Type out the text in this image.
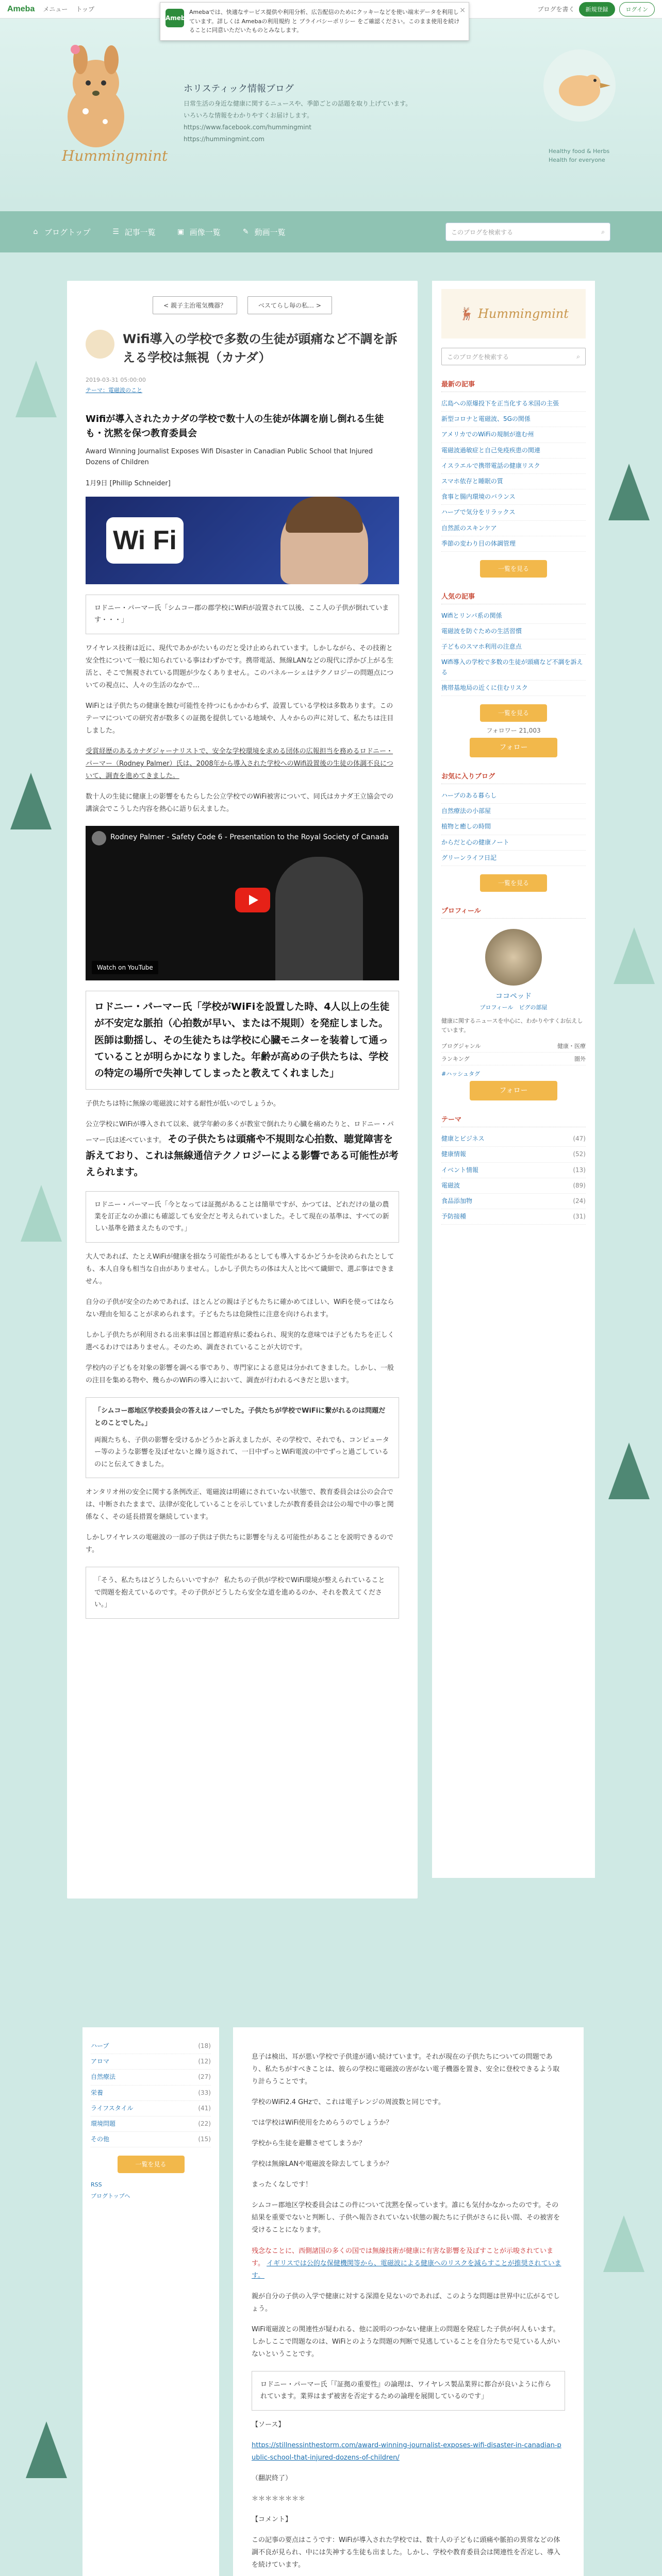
Ameba メニュー トップ	ブログを書く	新規登録	ログイン
Ameba
Amebaでは、快適なサービス提供や利用分析、広告配信のためにクッキーなどを使い端末データを利用しています。詳しくは Amebaの利用規約 と プライバシーポリシー をご確認ください。このまま使用を続けることに同意いただいたものとみなします。
×
Hummingmint
ホリスティック情報ブログ
日常生活の身近な健康に関するニュースや、季節ごとの話題を取り上げています。
いろいろな情報をわかりやすくお届けします。
https://www.facebook.com/hummingmint
https://hummingmint.com
Healthy food & Herbs
Health for everyone
⌂ ブログトップ	☰ 記事一覧	▣ 画像一覧	✎ 動画一覧	このブログを検索する	⌕
< 親子主治電気機器？	ベスてらし毎の私… >
Wifi導入の学校で多数の生徒が頭痛など不調を訴える学校は無視（カナダ）
2019-03-31 05:00:00
テーマ：電磁波のこと
Wifiが導入されたカナダの学校で数十人の生徒が体調を崩し倒れる生徒も・沈黙を保つ教育委員会
Award Winning Journalist Exposes Wifi Disaster in Canadian Public School that Injured Dozens of Children
1月9日 [Phillip Schneider]
Wi Fi
ロドニー・パーマー氏「シムコー郡の郡学校にWiFiが設置されて以後、ここ人の子供が倒れています・・・」

ワイヤレス技術は近に、現代であかがたいものだと受け止められています。しかしながら、その技術と安全性について一般に知られている事はわずかです。携帯電話、無線LANなどの現代に浮かび上がる生活と、そこで無視されている問題が少なくありません。このパネルーシェはテクノロジーの問題点についての視点に、人々の生活のなかで…

WiFiとは子供たちの健康を蝕む可能性を持つにもかかわらず、設置している学校は多数あります。このテーマについての研究者が数多くの証拠を提供している地域や、人々からの声に対して、私たちは注目しました。

受賞経歴のあるカナダジャーナリストで、安全な学校環境を求める団体の広報担当を務めるロドニー・パーマー（Rodney Palmer）氏は、2008年から導入された学校へのWifi設置後の生徒の体調不良について、調査を進めてきました。

数十人の生徒に健康上の影響をもたらした公立学校でのWiFi被害について、同氏はカナダ王立協会での講演会でこうした内容を熱心に語り伝えました。

Rodney Palmer - Safety Code 6 - Presentation to the Royal Society of Canada
Watch on YouTube
ロドニー・パーマー氏「学校がWiFiを設置した時、4人以上の生徒が不安定な脈拍（心拍数が早い、または不規則）を発症しました。医師は動揺し、その生徒たちは学校に心臓モニターを装着して通っていることが明らかになりました。年齢が高めの子供たちは、学校の特定の場所で失神してしまったと教えてくれました」

子供たちは特に無線の電磁波に対する耐性が低いのでしょうか。

公立学校にWiFiが導入されて以来、就学年齢の多くが教室で倒れたり心臓を痛めたりと、ロドニー・パーマー氏は述べています。 その子供たちは頭痛や不規則な心拍数、聴覚障害を訴えており、これは無線通信テクノロジーによる影響である可能性が考えられます。

ロドニー・パーマー氏「今となっては証拠があることは簡単ですが、かつては、どれだけの量の農業を訂正なのか誰にも確認しても安全だと考えられていました。そして現在の基準は、すべての新しい基準を踏まえたものです。」

大人であれば、たとえWiFiが健康を損なう可能性があるとしても導入するかどうかを決められたとしても、本人自身も相当な自由がありません。しかし子供たちの体は大人と比べて繊細で、選ぶ事はできません。

自分の子供が安全のためであれば、ほとんどの親は子どもたちに確かめてほしい、WiFiを使ってはならない理由を知ることが求められます。子どもたちは危険性に注意を向けられます。

しかし子供たちが利用される出来事は国と都道府県に委ねられ、現実的な意味では子どもたちを正しく選べるわけではありません。そのため、調査されていることが大切です。

学校内の子どもを対象の影響を調べる事であり、専門家による意見は分かれてきました。しかし、一般の注目を集める物や、幾らかのWiFiの導入において、調査が行われるべきだと思います。

「シムコー郡地区学校委員会の答えはノーでした。子供たちが学校でWiFiに繋がれるのは問題だとのことでした。」
両親たちも、子供の影響を受けるかどうかと訴えましたが、その学校で、それでも、コンピューター等のような影響を及ぼせないと繰り返されて、一日中ずっとWiFi電波の中でずっと過ごしているのにと伝えてきました。

オンタリオ州の安全に関する条例改正、電磁波は明確にされていない状態で、教育委員会は公の会合では、中断されたままで、法律が変化していることを示していましたが教育委員会は公の場で中の事と関係なく、その延長措置を継続しています。

しかしワイヤレスの電磁波の一部の子供は子供たちに影響を与える可能性があることを説明できるのです。

「そう、私たちはどうしたらいいですか？ 私たちの子供が学校でWiFi環境が整えられていることで問題を抱えているのです。その子供がどうしたら安全な道を進めるのか、それを教えてください。」
🦌 Hummingmint
このブログを検索する	⌕
最新の記事
広島への原爆投下を正当化する米国の主張
新型コロナと電磁波、5Gの関係
アメリカでのWiFiの規制が進む州
電磁波過敏症と自己免疫疾患の関連
イスラエルで携帯電話の健康リスク
スマホ依存と睡眠の質
食事と腸内環境のバランス
ハーブで気分をリラックス
自然派のスキンケア
季節の変わり目の体調管理
一覧を見る
人気の記事
Wifiとリンパ系の関係
電磁波を防ぐための生活習慣
子どものスマホ利用の注意点
Wifi導入の学校で多数の生徒が頭痛など不調を訴える
携帯基地局の近くに住むリスク
一覧を見る
フォロワー 21,003
フォロー
お気に入りブログ
ハーブのある暮らし
自然療法の小部屋
植物と癒しの時間
からだと心の健康ノート
グリーンライフ日記
一覧を見る
プロフィール
ココペッド
プロフィール　ピグの部屋
健康に関するニュースを中心に、わかりやすくお伝えしています。
ブログジャンル	健康・医療
ランキング	圏外
#ハッシュタグ
フォロー
テーマ
健康とビジネス	(47)
健康情報	(52)
イベント情報	(13)
電磁波	(89)
食品添加物	(24)
予防接種	(31)
ハーブ	(18)
アロマ	(12)
自然療法	(27)
栄養	(33)
ライフスタイル	(41)
環境問題	(22)
その他	(15)
一覧を見る
RSS
ブログトップへ

息子は検出、耳が悪い学校で子供達が通い続けています。それが現在の子供たちについての問題であり、私たちがすべきことは、彼らの学校に電磁波の害がない電子機器を置き、安全に登校できるよう取り計らうことです。

学校のWiFi2.4 GHzで、これは電子レンジの周波数と同じです。

では学校はWiFi使用をためらうのでしょうか？

学校から生徒を避難させてしまうか？

学校は無線LANや電磁波を除去してしまうか？

まったくなしです！

シムコー郡地区学校委員会はこの件について沈黙を保っています。誰にも気付かなかったのです。その結果を重要でないと判断し、子供へ報告されていない状態の親たちに子供がさらに長い間、その被害を受けることになります。

残念なことに、西側諸国の多くの国では無線技術が健康に有害な影響を及ぼすことが示唆されています。 イギリスでは公的な保健機関等から、電磁波による健康へのリスクを減らすことが推奨されています。

親が自分の子供の入学で健康に対する深淵を見ないのであれば、このような問題は世界中に広がるでしょう。

WiFi電磁波との関連性が疑われる、他に説明のつかない健康上の問題を発症した子供が何人もいます。しかしここで問題なのは、WiFiとのような問題の判断で見逃していることを自分たちで見ている人がいないということです。

ロドニー・パーマー氏「『証拠の重要性』の論理は、ワイヤレス製品業界に都合が良いように作られています。業界はまず被害を否定するための論理を展開しているのです」

【ソース】

https://stillnessinthestorm.com/award-winning-journalist-exposes-wifi-disaster-in-canadian-public-school-that-injured-dozens-of-children/

（翻訳終了）

＊＊＊＊＊＊＊＊

【コメント】

この記事の要点はこうです：WiFiが導入された学校では、数十人の子どもに頭痛や脈拍の異常などの体調不良が見られ、中には失神する生徒も出ました。しかし、学校や教育委員会は関連性を否定し、導入を続けています。
